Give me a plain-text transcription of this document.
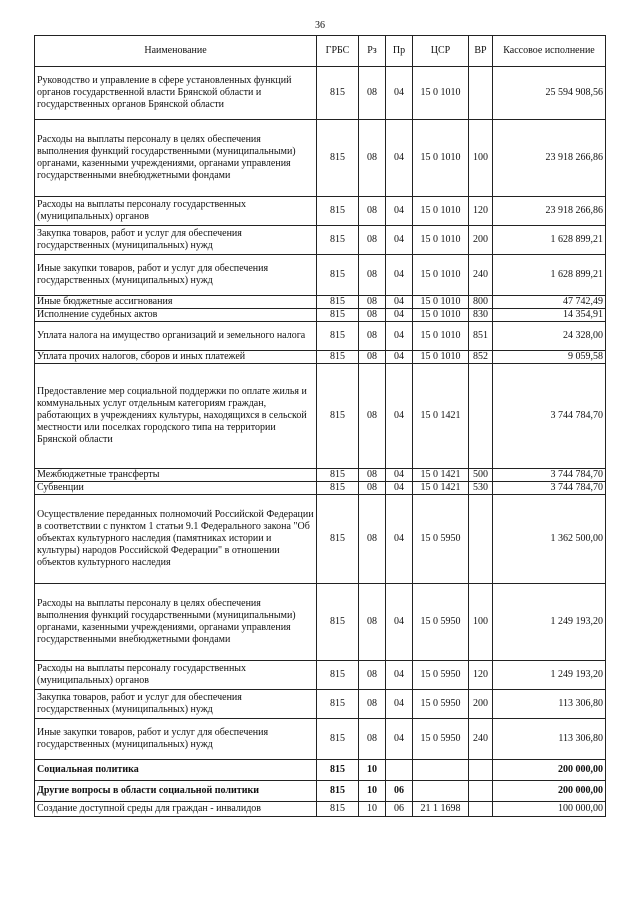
36
Наименование	ГРБС	Рз	Пр	ЦСР	ВР	Кассовое исполнение
Руководство и управление в сфере установленных функций органов государственной власти Брянской области и государственных органов Брянской области	815	08	04	15 0 1010		25 594 908,56
Расходы на выплаты персоналу в целях обеспечения выполнения функций государственными (муниципальными) органами, казенными учреждениями, органами управления государственными внебюджетными фондами	815	08	04	15 0 1010	100	23 918 266,86
Расходы на выплаты персоналу государственных (муниципальных) органов	815	08	04	15 0 1010	120	23 918 266,86
Закупка товаров, работ и услуг для обеспечения государственных (муниципальных) нужд	815	08	04	15 0 1010	200	1 628 899,21
Иные закупки товаров, работ и услуг для обеспечения государственных (муниципальных) нужд	815	08	04	15 0 1010	240	1 628 899,21
Иные бюджетные ассигнования	815	08	04	15 0 1010	800	47 742,49
Исполнение судебных актов	815	08	04	15 0 1010	830	14 354,91
Уплата налога на имущество организаций и земельного налога	815	08	04	15 0 1010	851	24 328,00
Уплата прочих налогов, сборов и иных платежей	815	08	04	15 0 1010	852	9 059,58
Предоставление мер социальной поддержки по оплате жилья и коммунальных услуг отдельным категориям граждан, работающих в учреждениях культуры, находящихся в сельской местности или поселках городского типа на территории Брянской области	815	08	04	15 0 1421		3 744 784,70
Межбюджетные трансферты	815	08	04	15 0 1421	500	3 744 784,70
Субвенции	815	08	04	15 0 1421	530	3 744 784,70
Осуществление переданных полномочий Российской Федерации в соответствии с пунктом 1 статьи 9.1 Федерального закона "Об объектах культурного наследия (памятниках истории и культуры) народов Российской Федерации" в отношении объектов культурного наследия	815	08	04	15 0 5950		1 362 500,00
Расходы на выплаты персоналу в целях обеспечения выполнения функций государственными (муниципальными) органами, казенными учреждениями, органами управления государственными внебюджетными фондами	815	08	04	15 0 5950	100	1 249 193,20
Расходы на выплаты персоналу государственных (муниципальных) органов	815	08	04	15 0 5950	120	1 249 193,20
Закупка товаров, работ и услуг для обеспечения государственных (муниципальных) нужд	815	08	04	15 0 5950	200	113 306,80
Иные закупки товаров, работ и услуг для обеспечения государственных (муниципальных) нужд	815	08	04	15 0 5950	240	113 306,80
Социальная политика	815	10				200 000,00
Другие вопросы в области социальной политики	815	10	06			200 000,00
Создание доступной среды для граждан - инвалидов	815	10	06	21 1 1698		100 000,00
